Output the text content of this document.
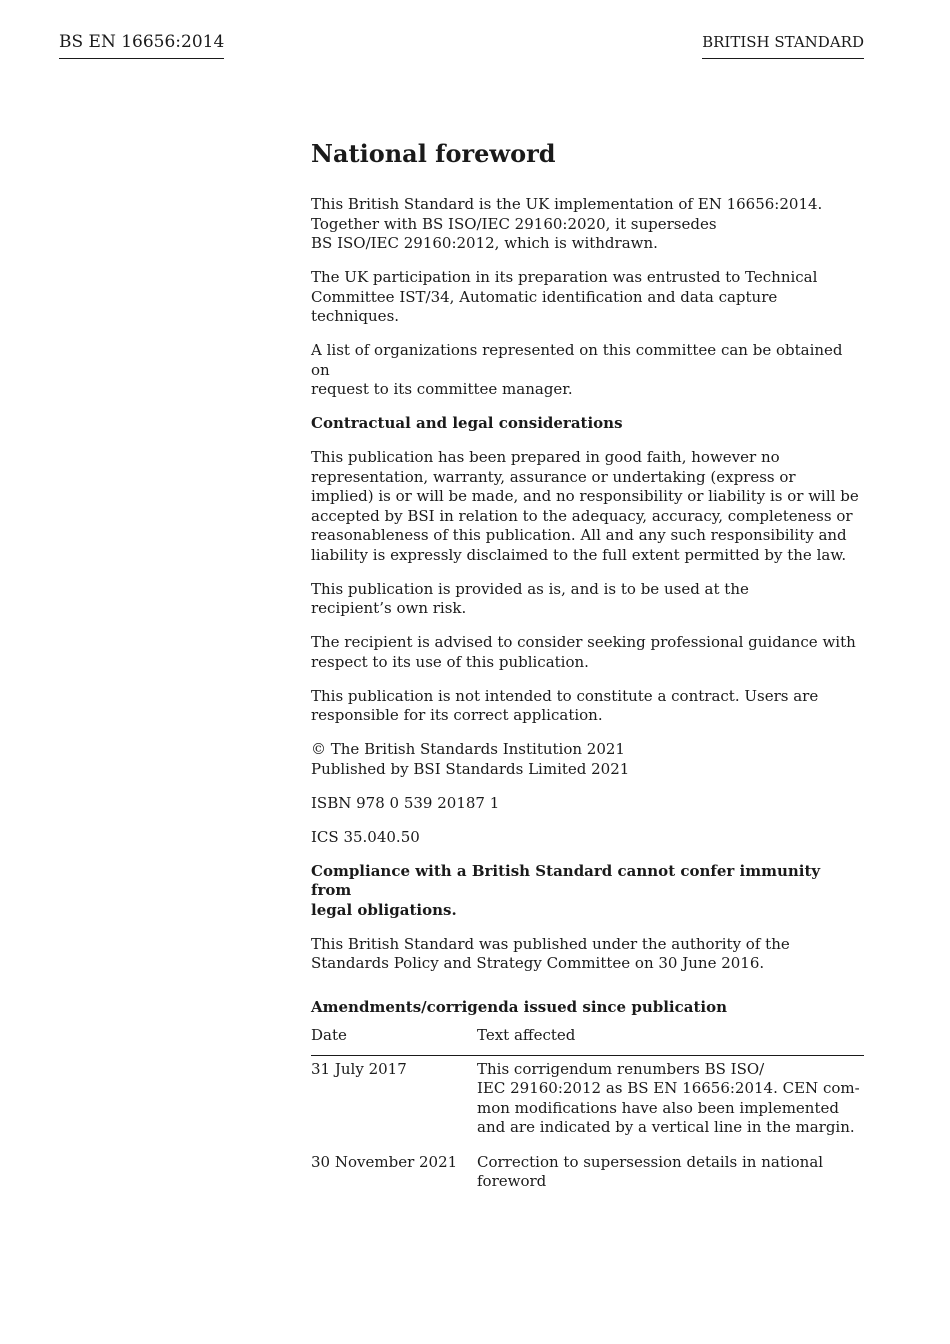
BS EN 16656:2014	BRITISH STANDARD
National foreword
This British Standard is the UK implementation of EN 16656:2014.
Together with BS ISO/IEC 29160:2020, it supersedes
BS ISO/IEC 29160:2012, which is withdrawn.
The UK participation in its preparation was entrusted to Technical
Committee IST/34, Automatic identification and data capture techniques.
A list of organizations represented on this committee can be obtained on
request to its committee manager.
Contractual and legal considerations
This publication has been prepared in good faith, however no
representation, warranty, assurance or undertaking (express or
implied) is or will be made, and no responsibility or liability is or will be
accepted by BSI in relation to the adequacy, accuracy, completeness or
reasonableness of this publication. All and any such responsibility and
liability is expressly disclaimed to the full extent permitted by the law.
This publication is provided as is, and is to be used at the
recipient’s own risk.
The recipient is advised to consider seeking professional guidance with
respect to its use of this publication.
This publication is not intended to constitute a contract. Users are
responsible for its correct application.
© The British Standards Institution 2021
Published by BSI Standards Limited 2021
ISBN 978 0 539 20187 1
ICS 35.040.50
Compliance with a British Standard cannot confer immunity from
legal obligations.
This British Standard was published under the authority of the
Standards Policy and Strategy Committee on 30 June 2016.
Amendments/corrigenda issued since publication
Date	Text affected
31 July 2017	This corrigendum renumbers BS ISO/
IEC 29160:2012 as BS EN 16656:2014. CEN com-
mon modifications have also been implemented
and are indicated by a vertical line in the margin.
30 November 2021	Correction to supersession details in national
foreword
